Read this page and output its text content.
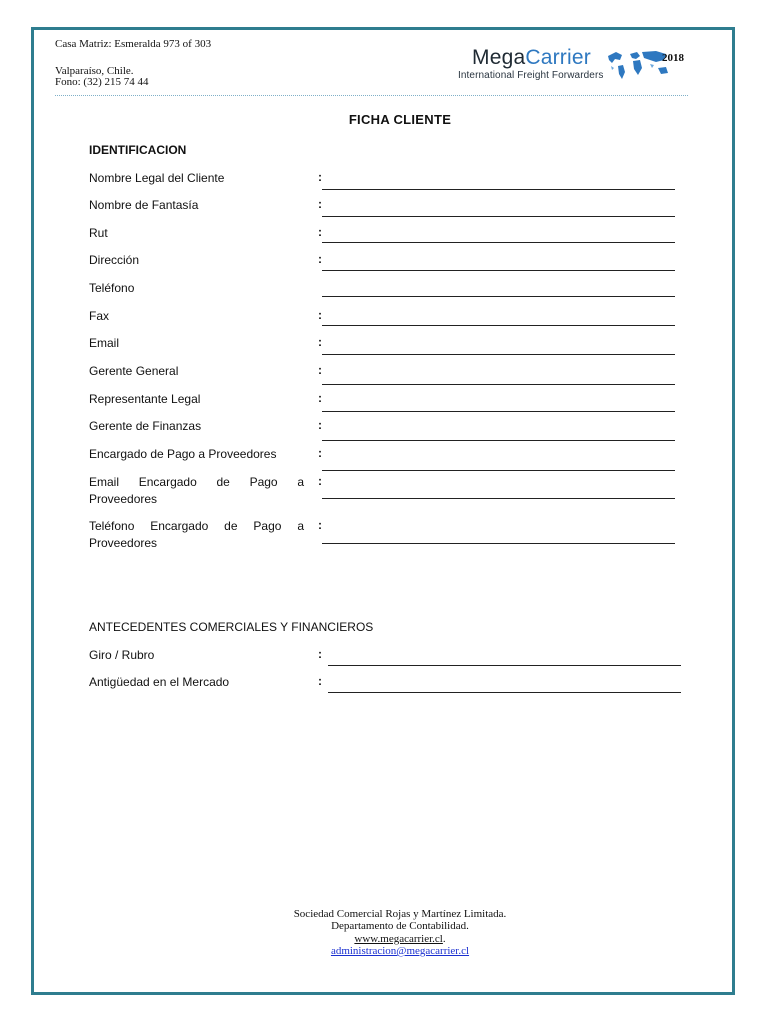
Casa Matriz: Esmeralda 973 of 303
Valparaíso, Chile.
Fono: (32) 215 74 44
MegaCarrier
International Freight Forwarders
2018
FICHA CLIENTE
IDENTIFICACION
Nombre Legal del Cliente	:
Nombre de Fantasía	:
Rut	:
Dirección	:
Teléfono
Fax	:
Email	:
Gerente General	:
Representante Legal	:
Gerente de Finanzas	:
Encargado de Pago a Proveedores	:
Email Encargado de Pago a Proveedores
:
Teléfono Encargado de Pago a Proveedores
:
ANTECEDENTES COMERCIALES Y FINANCIEROS
Giro / Rubro	:
Antigüedad en el Mercado	:
Sociedad Comercial Rojas y Martínez Limitada.
Departamento de Contabilidad.
www.megacarrier.cl.
administracion@megacarrier.cl
